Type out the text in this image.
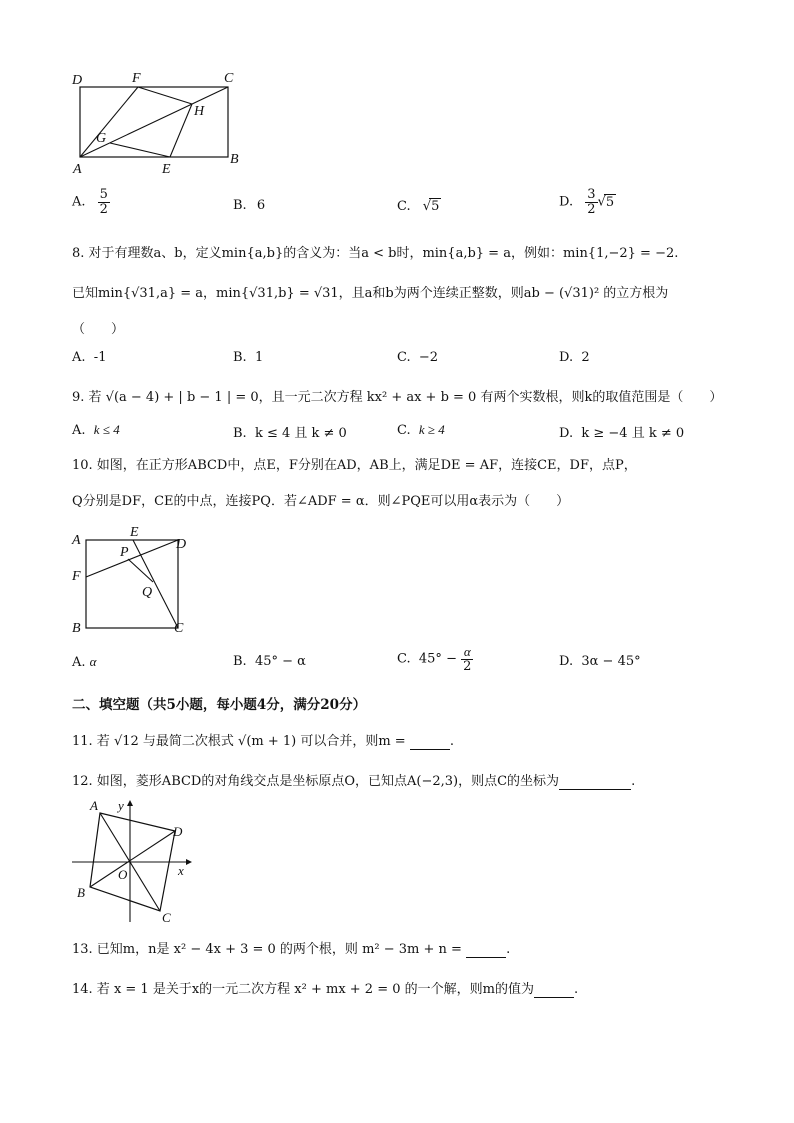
D	F	C
H
G
A	E
B
A. $\frac{5}{2}$	B. 6	C. √5	D. $\frac{3}{2} √5$
8. 对于有理数a、b，定义min{a,b}的含义为：当a < b时，min{a,b} = a，例如：min{1,−2} = −2.
已知min{√31,a} = a，min{√31,b} = √31，且a和b为两个连续正整数，则ab − (√31)² 的立方根为
（　　）
A. -1	B. 1	C. −2	D. 2
9. 若 √(a − 4) + | b − 1 | = 0，且一元二次方程 kx² + ax + b = 0 有两个实数根，则k的取值范围是（　　）
A. k ≤ 4	B. k ≤ 4 且 k ≠ 0	C. k ≥ 4	D. k ≥ −4 且 k ≠ 0
10. 如图，在正方形ABCD中，点E，F分别在AD，AB上，满足DE = AF，连接CE，DF，点P，
Q分别是DF，CE的中点，连接PQ．若∠ADF = α．则∠PQE可以用α表示为（　　）
A
E
D
P
F
Q
B	C
A. α	B. 45° − α	C. $45^\circ - \frac{\alpha}{2}$	D. 3α − 45°
二、填空题（共5小题，每小题4分，满分20分）
11. 若 √12 与最简二次根式 √(m + 1) 可以合并，则m =	.
12. 如图，菱形ABCD的对角线交点是坐标原点O，已知点A(−2,3)，则点C的坐标为	.
A y
D
x
O
B
C
13. 已知m，n是 x² − 4x + 3 = 0 的两个根，则 m² − 3m + n =	.
14. 若 x = 1 是关于x的一元二次方程 x² + mx + 2 = 0 的一个解，则m的值为	.
